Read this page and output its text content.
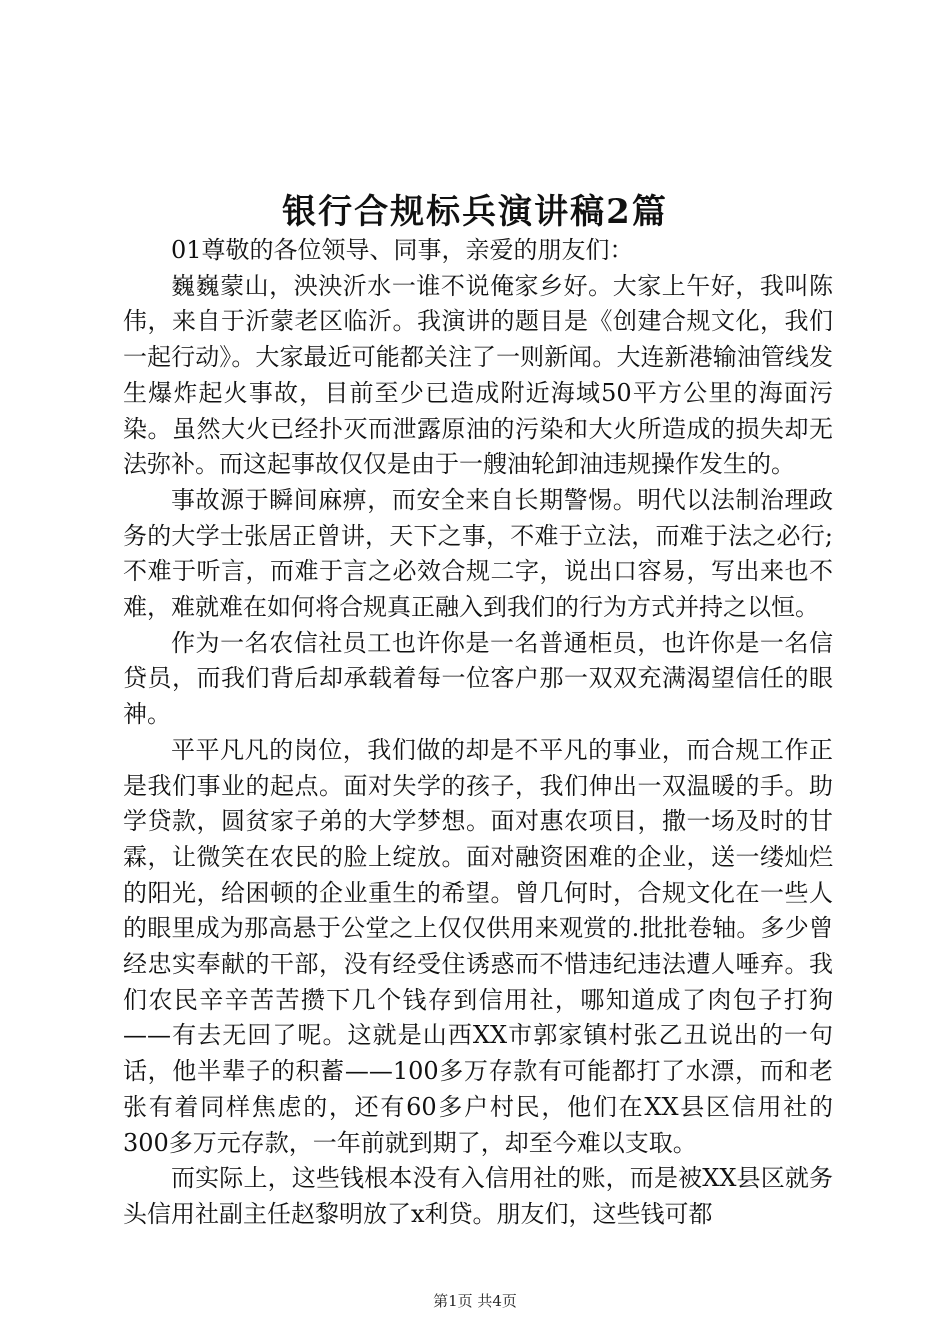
银行合规标兵演讲稿2篇

01尊敬的各位领导、同事，亲爱的朋友们：

巍巍蒙山，泱泱沂水一谁不说俺家乡好。大家上午好，我叫陈伟，来自于沂蒙老区临沂。我演讲的题目是《创建合规文化，我们一起行动》。大家最近可能都关注了一则新闻。大连新港输油管线发生爆炸起火事故，目前至少已造成附近海域50平方公里的海面污染。虽然大火已经扑灭而泄露原油的污染和大火所造成的损失却无法弥补。而这起事故仅仅是由于一艘油轮卸油违规操作发生的。

事故源于瞬间麻痹，而安全来自长期警惕。明代以法制治理政务的大学士张居正曾讲，天下之事，不难于立法，而难于法之必行;不难于听言，而难于言之必效合规二字，说出口容易，写出来也不难，难就难在如何将合规真正融入到我们的行为方式并持之以恒。

作为一名农信社员工也许你是一名普通柜员，也许你是一名信贷员，而我们背后却承载着每一位客户那一双双充满渴望信任的眼神。

平平凡凡的岗位，我们做的却是不平凡的事业，而合规工作正是我们事业的起点。面对失学的孩子，我们伸出一双温暖的手。助学贷款，圆贫家子弟的大学梦想。面对惠农项目，撒一场及时的甘霖，让微笑在农民的脸上绽放。面对融资困难的企业，送一缕灿烂的阳光，给困顿的企业重生的希望。曾几何时，合规文化在一些人的眼里成为那高悬于公堂之上仅仅供用来观赏的.批批卷轴。多少曾经忠实奉献的干部，没有经受住诱惑而不惜违纪违法遭人唾弃。我们农民辛辛苦苦攒下几个钱存到信用社，哪知道成了肉包子打狗——有去无回了呢。这就是山西XX市郭家镇村张乙丑说出的一句话，他半辈子的积蓄——100多万存款有可能都打了水漂，而和老张有着同样焦虑的，还有60多户村民，他们在XX县区信用社的300多万元存款，一年前就到期了，却至今难以支取。

而实际上，这些钱根本没有入信用社的账，而是被XX县区就务头信用社副主任赵黎明放了x利贷。朋友们，这些钱可都

第1页 共4页
